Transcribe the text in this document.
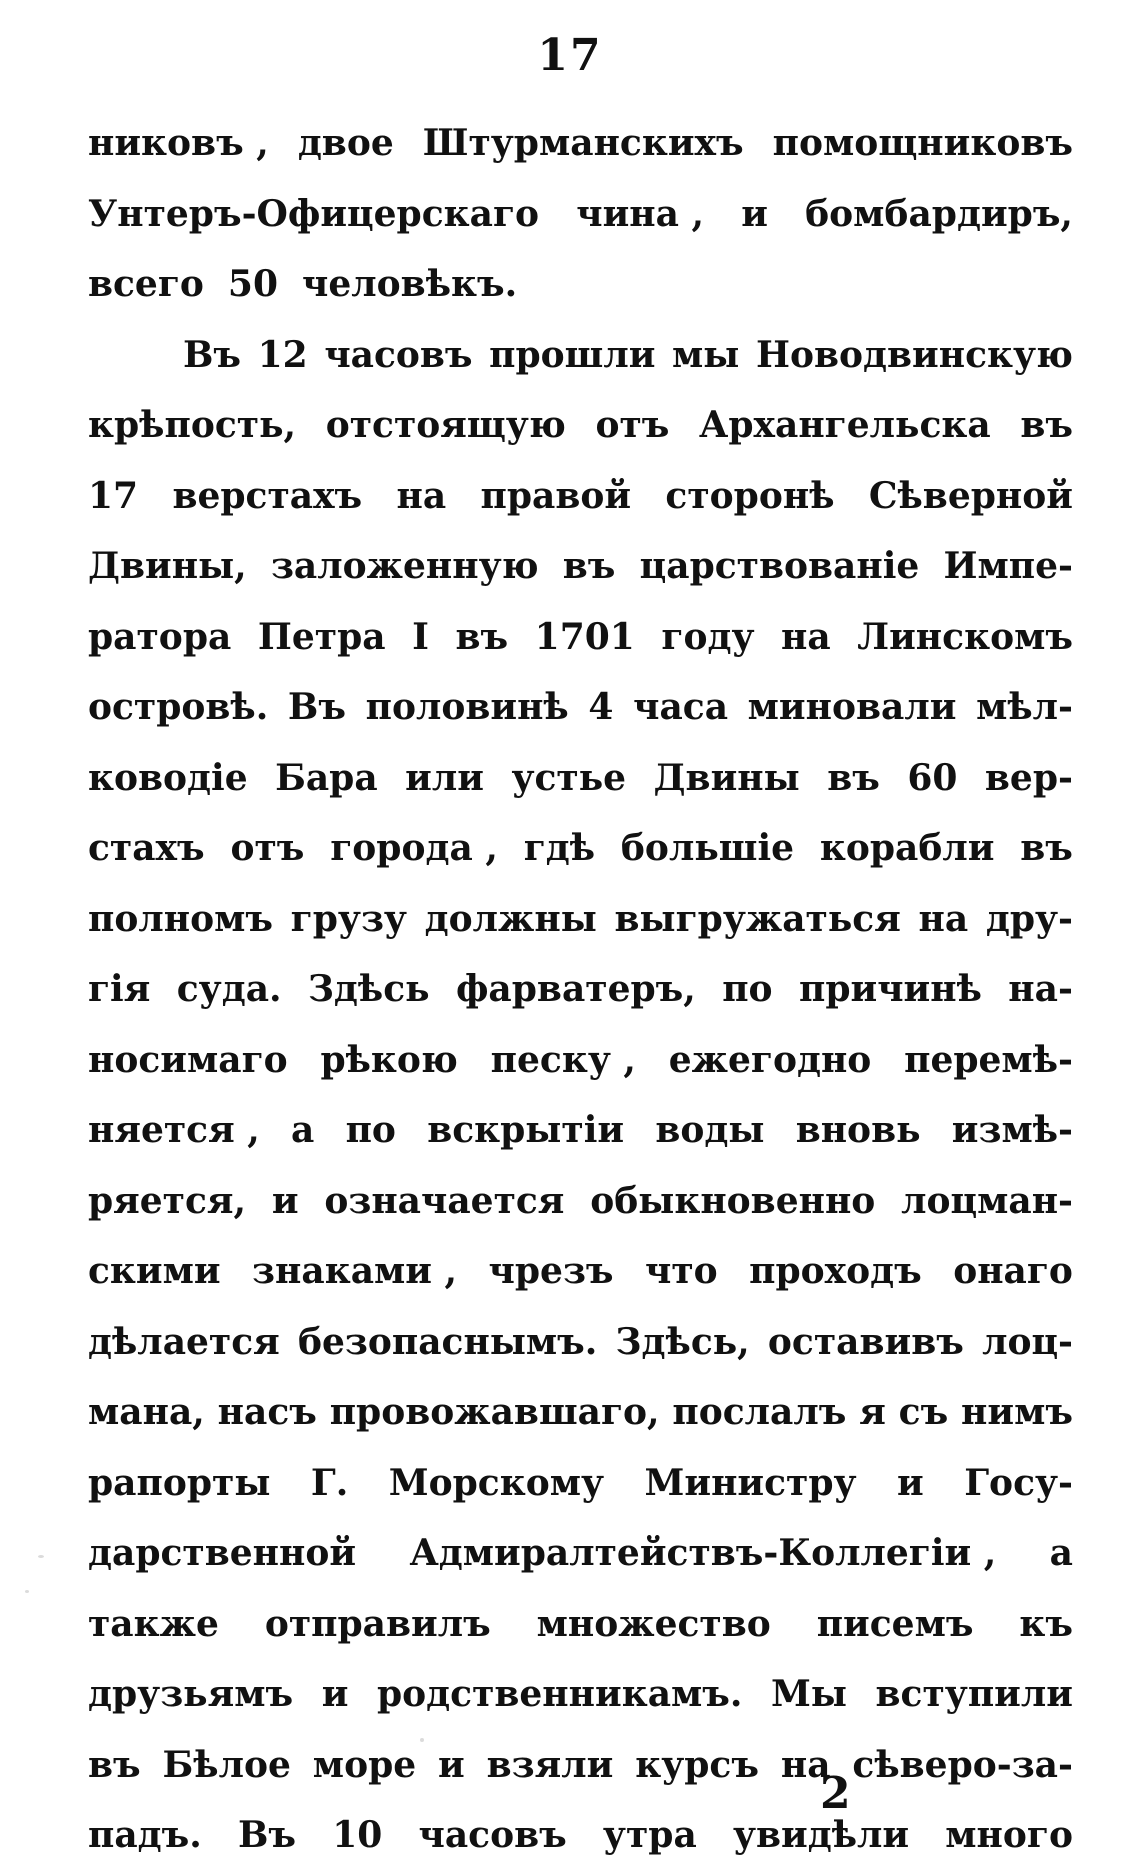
17
никовъ , двое Штурманскихъ помощниковъ
Унтеръ-Офицерскаго чина , и бомбардиръ,
всего 50 человѣкъ.
Въ 12 часовъ прошли мы Новодвинскую
крѣпость, отстоящую отъ Архангельска въ
17 верстахъ на правой сторонѣ Сѣверной
Двины, заложенную въ царствованіе Импе-
ратора Петра I въ 1701 году на Линскомъ
островѣ. Въ половинѣ 4 часа миновали мѣл-
ководіе Бара или устье Двины въ 60 вер-
стахъ отъ города , гдѣ большіе корабли въ
полномъ грузу должны выгружаться на дру-
гія суда. Здѣсь фарватеръ, по причинѣ на-
носимаго рѣкою песку , ежегодно перемѣ-
няется , а по вскрытіи воды вновь измѣ-
ряется, и означается обыкновенно лоцман-
скими знаками , чрезъ что проходъ онаго
дѣлается безопаснымъ. Здѣсь, оставивъ лоц-
мана, насъ провожавшаго, послалъ я съ нимъ
рапорты Г. Морскому Министру и Госу-
дарственной Адмиралтействъ-Коллегіи , а
также отправилъ множество писемъ къ
друзьямъ и родственникамъ. Мы вступили
въ Бѣлое море и взяли курсъ на сѣверо-за-
падъ. Въ 10 часовъ утра увидѣли много
2
